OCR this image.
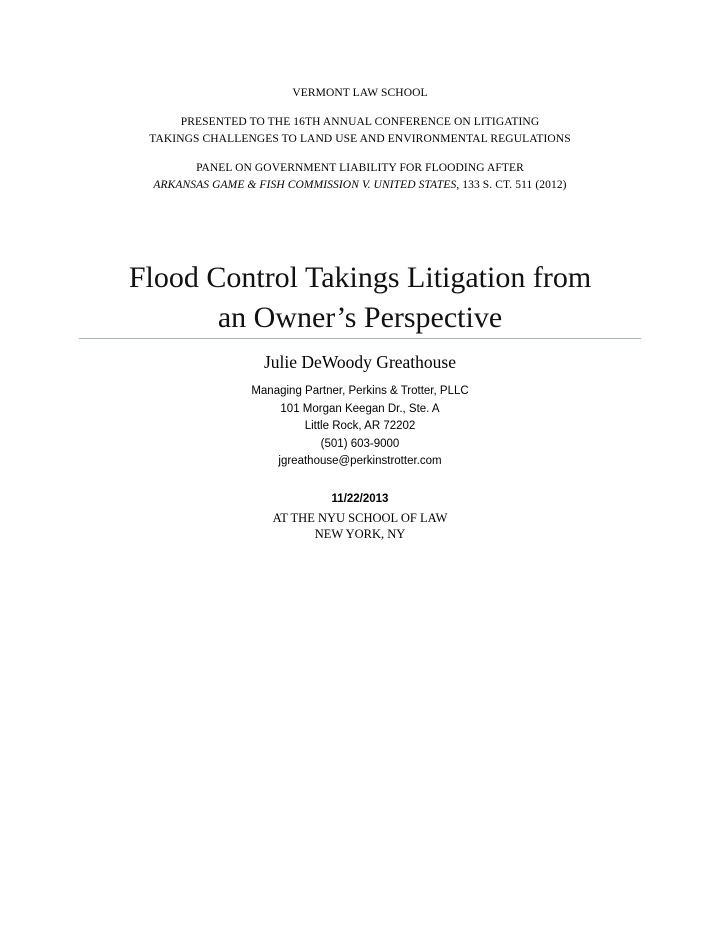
VERMONT LAW SCHOOL
PRESENTED TO THE 16TH ANNUAL CONFERENCE ON LITIGATING
TAKINGS CHALLENGES TO LAND USE AND ENVIRONMENTAL REGULATIONS
PANEL ON GOVERNMENT LIABILITY FOR FLOODING AFTER
ARKANSAS GAME & FISH COMMISSION V. UNITED STATES, 133 S. CT. 511 (2012)
Flood Control Takings Litigation from
an Owner’s Perspective
Julie DeWoody Greathouse
Managing Partner, Perkins & Trotter, PLLC
101 Morgan Keegan Dr., Ste. A
Little Rock, AR 72202
(501) 603-9000
jgreathouse@perkinstrotter.com
11/22/2013
AT THE NYU SCHOOL OF LAW
NEW YORK, NY
